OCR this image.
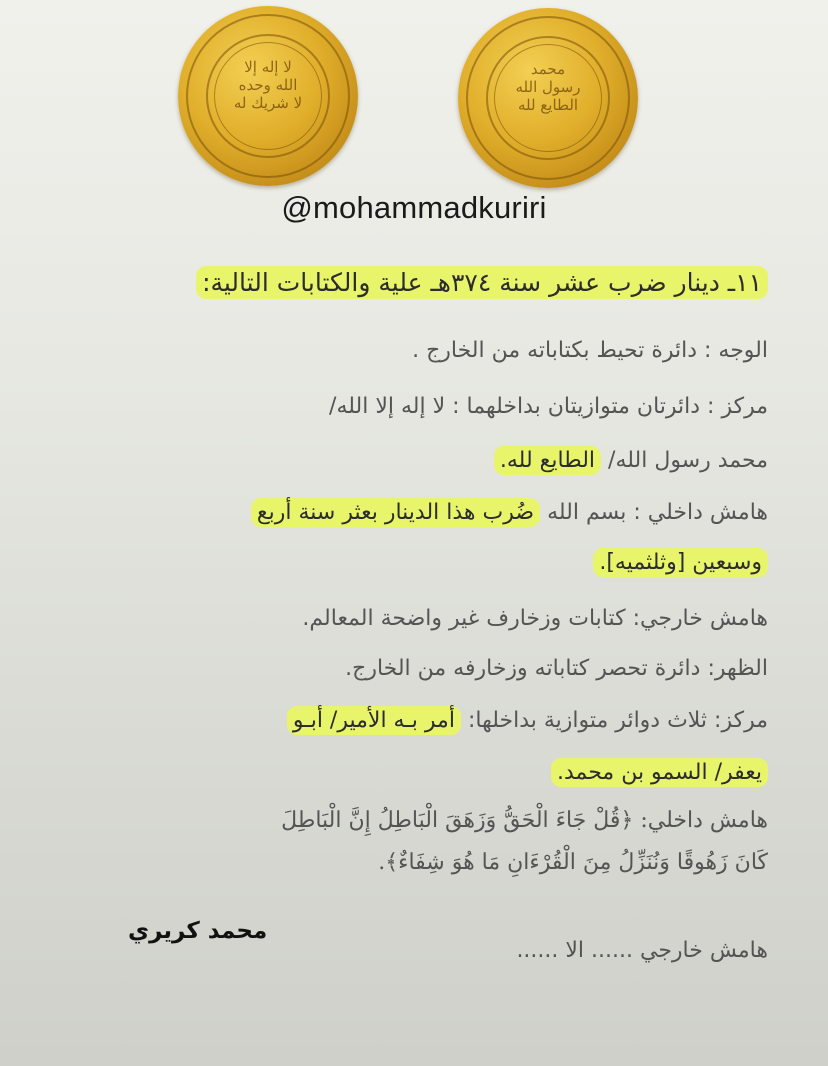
لا إله إلا
الله وحده
لا شريك له
محمد
رسول الله
الطايع لله
@mohammadkuriri
١١ـ دينار ضرب عشر سنة ٣٧٤هـ علية والكتابات التالية:
الوجه : دائرة تحيط بكتاباته من الخارج .
مركز : دائرتان متوازيتان بداخلهما : لا إله إلا الله/
محمد رسول الله/ الطايع لله.
هامش داخلي : بسم الله ضُرب هذا الدينار بعثر سنة أربع
وسبعين [وثلثميه].
هامش خارجي: كتابات وزخارف غير واضحة المعالم.
الظهر: دائرة تحصر كتاباته وزخارفه من الخارج.
مركز: ثلاث دوائر متوازية بداخلها: أمر بـه الأمير/ أبـو
يعفر/ السمو بن محمد.
هامش داخلي: ﴿قُلْ جَاءَ الْحَقُّ وَزَهَقَ الْبَاطِلُ إِنَّ الْبَاطِلَ
كَانَ زَهُوقًا وَنُنَزِّلُ مِنَ الْقُرْءَانِ مَا هُوَ شِفَاءٌ﴾.
محمد كريري
هامش خارجي ...... الا ......
